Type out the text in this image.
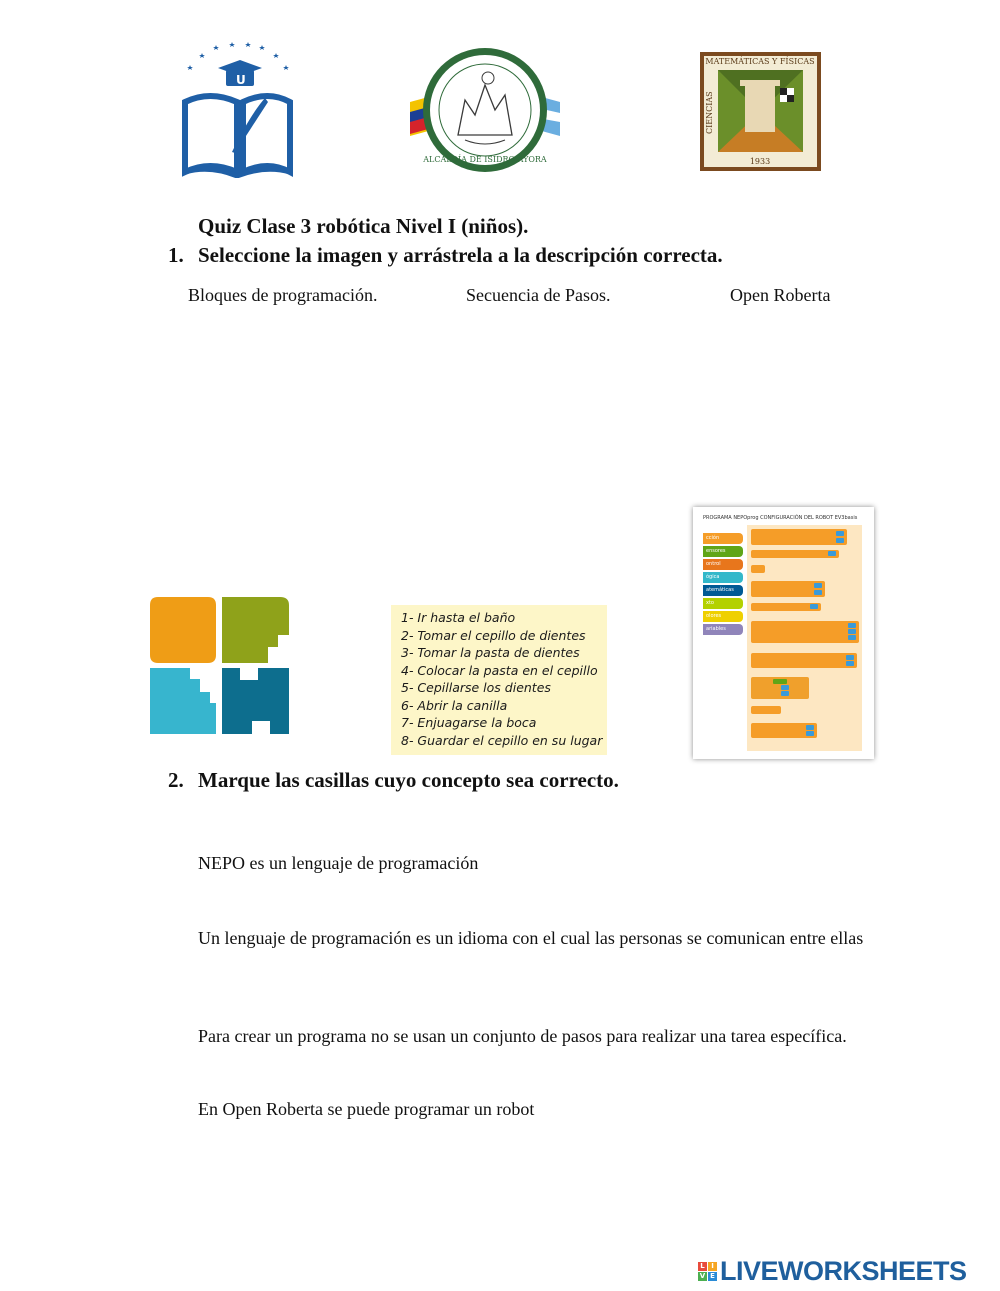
U
ALCALDÍA DE ISIDRO AYORA
MATEMÁTICAS Y FÍSICAS
CIENCIAS
1933
Quiz Clase 3 robótica Nivel I (niños).
1. Seleccione la imagen y arrástrela a la descripción correcta.
Bloques de programación.	Secuencia de Pasos.	Open Roberta
1- Ir hasta el baño
2- Tomar el cepillo de dientes
3- Tomar la pasta de dientes
4- Colocar la pasta en el cepillo
5- Cepillarse los dientes
6- Abrir la canilla
7- Enjuagarse la boca
8- Guardar el cepillo en su lugar
PROGRAMA NEPOprog CONFIGURACIÓN DEL ROBOT EV3basis
cción
ensores
ontrol
ógica
atemáticas
xto
olores
ariables
2. Marque las casillas cuyo concepto sea correcto.
NEPO es un lenguaje de programación
Un lenguaje de programación es un idioma con el cual las personas se comunican entre ellas
Para crear un programa no se usan un conjunto de pasos para realizar una tarea específica.
En Open Roberta se puede programar un robot
L I
V E LIVEWORKSHEETS
